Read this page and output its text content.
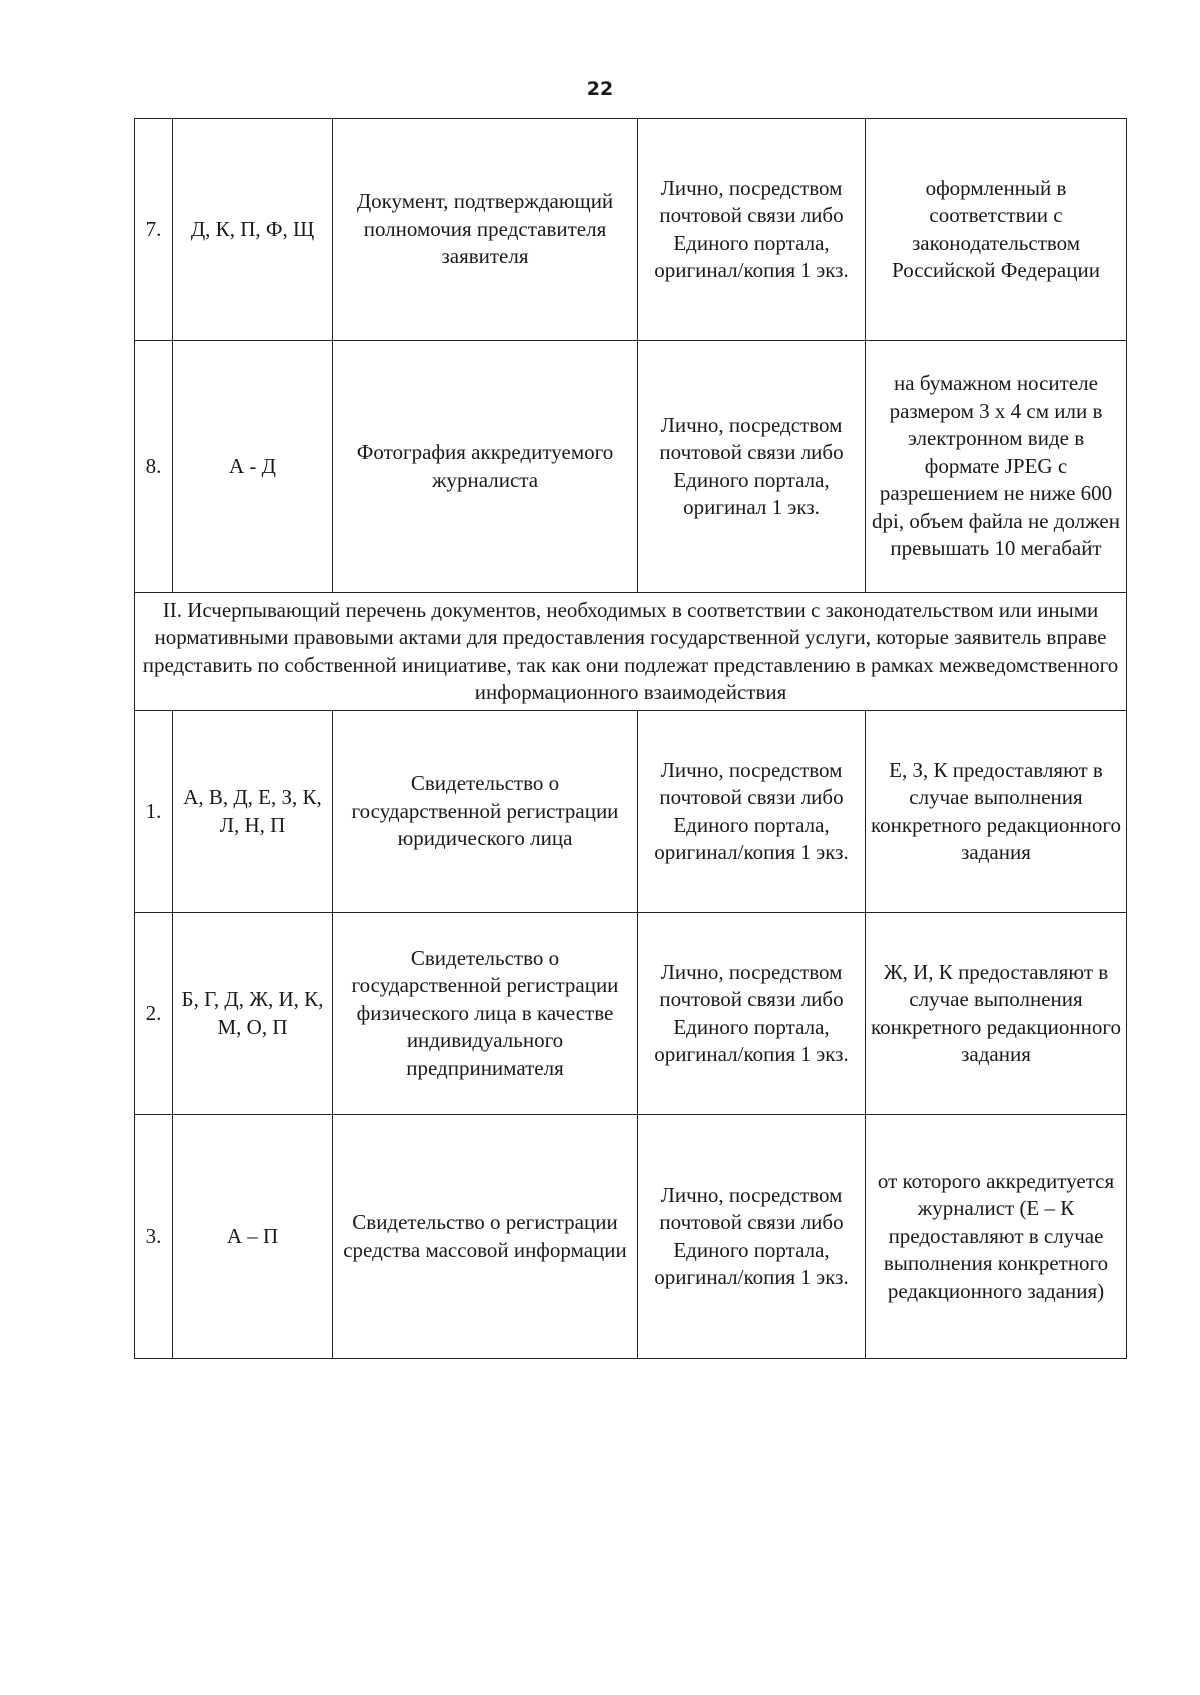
22
7.	Д, К, П, Ф, Щ	Документ, подтверждающий полномочия представителя заявителя	Лично, посредством почтовой связи либо Единого портала, оригинал/копия 1 экз.	оформленный в соответствии с законодательством Российской Федерации
8.	А - Д	Фотография аккредитуемого журналиста	Лично, посредством почтовой связи либо Единого портала, оригинал 1 экз.	на бумажном носителе размером 3 х 4 см или в электронном виде в формате JPEG с разрешением не ниже 600 dpi, объем файла не должен превышать 10 мегабайт
II. Исчерпывающий перечень документов, необходимых в соответствии с законодательством или иными нормативными правовыми актами для предоставления государственной услуги, которые заявитель вправе представить по собственной инициативе, так как они подлежат представлению в рамках межведомственного информационного взаимодействия				
1.	А, В, Д, Е, З, К, Л, Н, П	Свидетельство о государственной регистрации юридического лица	Лично, посредством почтовой связи либо Единого портала, оригинал/копия 1 экз.	Е, З, К предоставляют в случае выполнения конкретного редакционного задания
2.	Б, Г, Д, Ж, И, К, М, О, П	Свидетельство о государственной регистрации физического лица в качестве индивидуального предпринимателя	Лично, посредством почтовой связи либо Единого портала, оригинал/копия 1 экз.	Ж, И, К предоставляют в случае выполнения конкретного редакционного задания
3.	А – П	Свидетельство о регистрации средства массовой информации	Лично, посредством почтовой связи либо Единого портала, оригинал/копия 1 экз.	от которого аккредитуется журналист (Е – К предоставляют в случае выполнения конкретного редакционного задания)
